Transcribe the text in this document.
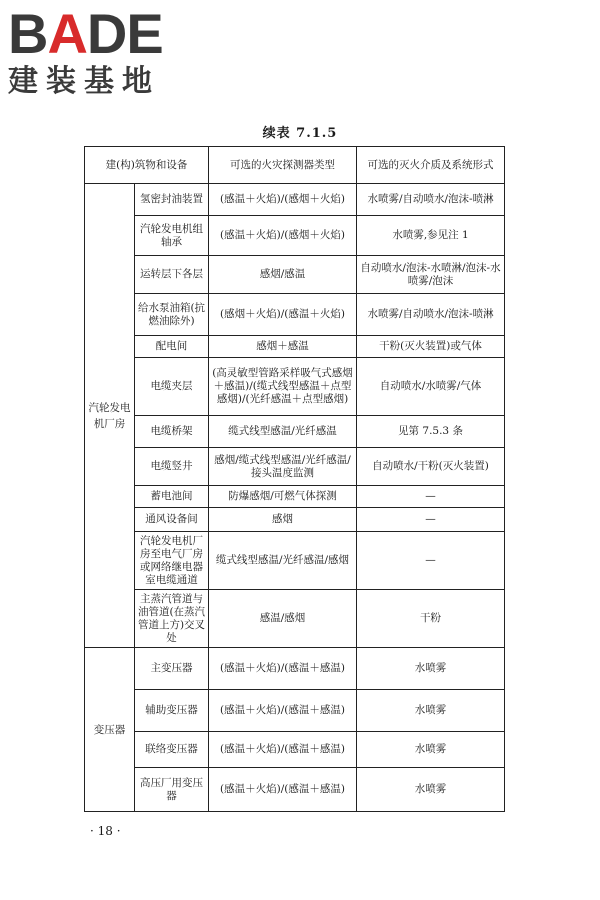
B A D E
建装基地
续表 7.1.5
建(构)筑物和设备		可选的火灾探测器类型	可选的灭火介质及系统形式
汽轮发电机厂房	氢密封油装置	(感温＋火焰)/(感烟＋火焰)	水喷雾/自动喷水/泡沫-喷淋
	汽轮发电机组轴承	(感温＋火焰)/(感烟＋火焰)	水喷雾,参见注 1
	运转层下各层	感烟/感温	自动喷水/泡沫-水喷淋/泡沫-水喷雾/泡沫
	给水泵油箱(抗燃油除外)	(感烟＋火焰)/(感温＋火焰)	水喷雾/自动喷水/泡沫-喷淋
	配电间	感烟＋感温	干粉(灭火装置)或气体
	电缆夹层	(高灵敏型管路采样吸气式感烟＋感温)/(缆式线型感温＋点型感烟)/(光纤感温＋点型感烟)	自动喷水/水喷雾/气体
	电缆桥架	缆式线型感温/光纤感温	见第 7.5.3 条
	电缆竖井	感烟/缆式线型感温/光纤感温/接头温度监测	自动喷水/干粉(灭火装置)
	蓄电池间	防爆感烟/可燃气体探测	—
	通风设备间	感烟	—
	汽轮发电机厂房至电气厂房或网络继电器室电缆通道	缆式线型感温/光纤感温/感烟	—
	主蒸汽管道与油管道(在蒸汽管道上方)交叉处	感温/感烟	干粉
变压器	主变压器	(感温＋火焰)/(感温＋感温)	水喷雾
	辅助变压器	(感温＋火焰)/(感温＋感温)	水喷雾
	联络变压器	(感温＋火焰)/(感温＋感温)	水喷雾
	高压厂用变压器	(感温＋火焰)/(感温＋感温)	水喷雾
· 18 ·
